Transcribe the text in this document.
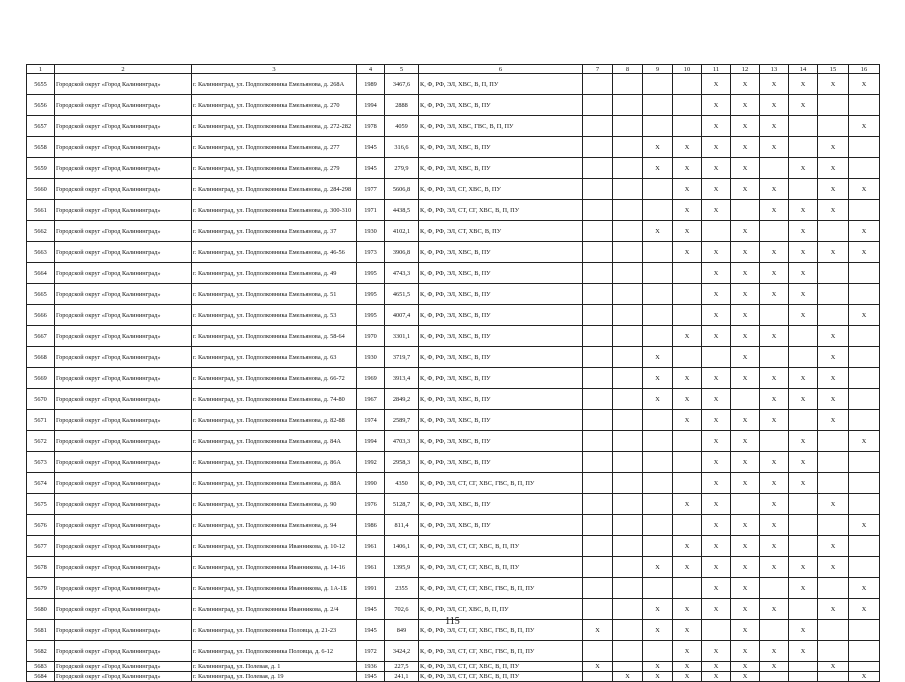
1	2	3	4	5	6	7	8	9	10	11	12	13	14	15	16
5655	Городской округ «Город Калининград»	г. Калининград, ул. Подполковника Емельянова, д. 268А	1989	3467,6	К, Ф, РФ, ЭЛ, ХВС, В, П, ПУ					X	X	X	X	X	X
5656	Городской округ «Город Калининград»	г. Калининград, ул. Подполковника Емельянова, д. 270	1994	2888	К, Ф, РФ, ЭЛ, ХВС, В, ПУ					X	X	X	X		
5657	Городской округ «Город Калининград»	г. Калининград, ул. Подполковника Емельянова, д. 272-282	1978	4059	К, Ф, РФ, ЭЛ, ХВС, ГВС, В, П, ПУ					X	X	X			X
5658	Городской округ «Город Калининград»	г. Калининград, ул. Подполковника Емельянова, д. 277	1945	316,6	К, Ф, РФ, ЭЛ, ХВС, В, ПУ			X	X	X	X	X		X	
5659	Городской округ «Город Калининград»	г. Калининград, ул. Подполковника Емельянова, д. 279	1945	279,9	К, Ф, РФ, ЭЛ, ХВС, В, ПУ			X	X	X	X		X	X	
5660	Городской округ «Город Калининград»	г. Калининград, ул. Подполковника Емельянова, д. 284-298	1977	5606,8	К, Ф, РФ, ЭЛ, СГ, ХВС, В, ПУ				X	X	X	X		X	X
5661	Городской округ «Город Калининград»	г. Калининград, ул. Подполковника Емельянова, д. 300-310	1971	4438,5	К, Ф, РФ, ЭЛ, СТ, СГ, ХВС, В, П, ПУ				X	X		X	X	X	
5662	Городской округ «Город Калининград»	г. Калининград, ул. Подполковника Емельянова, д. 37	1930	4102,1	К, Ф, РФ, ЭЛ, СТ, ХВС, В, ПУ			X	X		X		X		X
5663	Городской округ «Город Калининград»	г. Калининград, ул. Подполковника Емельянова, д. 46-56	1973	3906,8	К, Ф, РФ, ЭЛ, ХВС, В, ПУ				X	X	X	X	X	X	X
5664	Городской округ «Город Калининград»	г. Калининград, ул. Подполковника Емельянова, д. 49	1995	4743,3	К, Ф, РФ, ЭЛ, ХВС, В, ПУ					X	X	X	X		
5665	Городской округ «Город Калининград»	г. Калининград, ул. Подполковника Емельянова, д. 51	1995	4651,5	К, Ф, РФ, ЭЛ, ХВС, В, ПУ					X	X	X	X		
5666	Городской округ «Город Калининград»	г. Калининград, ул. Подполковника Емельянова, д. 53	1995	4007,4	К, Ф, РФ, ЭЛ, ХВС, В, ПУ					X	X		X		X
5667	Городской округ «Город Калининград»	г. Калининград, ул. Подполковника Емельянова, д. 58-64	1970	3301,1	К, Ф, РФ, ЭЛ, ХВС, В, ПУ				X	X	X	X		X	
5668	Городской округ «Город Калининград»	г. Калининград, ул. Подполковника Емельянова, д. 63	1930	3719,7	К, Ф, РФ, ЭЛ, ХВС, В, ПУ			X			X			X	
5669	Городской округ «Город Калининград»	г. Калининград, ул. Подполковника Емельянова, д. 66-72	1969	3913,4	К, Ф, РФ, ЭЛ, ХВС, В, ПУ			X	X	X	X	X	X	X	
5670	Городской округ «Город Калининград»	г. Калининград, ул. Подполковника Емельянова, д. 74-80	1967	2849,2	К, Ф, РФ, ЭЛ, ХВС, В, ПУ			X	X	X		X	X	X	
5671	Городской округ «Город Калининград»	г. Калининград, ул. Подполковника Емельянова, д. 82-88	1974	2589,7	К, Ф, РФ, ЭЛ, ХВС, В, ПУ				X	X	X	X		X	
5672	Городской округ «Город Калининград»	г. Калининград, ул. Подполковника Емельянова, д. 84А	1994	4703,3	К, Ф, РФ, ЭЛ, ХВС, В, ПУ					X	X		X		X
5673	Городской округ «Город Калининград»	г. Калининград, ул. Подполковника Емельянова, д. 86А	1992	2958,3	К, Ф, РФ, ЭЛ, ХВС, В, ПУ					X	X	X	X		
5674	Городской округ «Город Калининград»	г. Калининград, ул. Подполковника Емельянова, д. 88А	1990	4350	К, Ф, РФ, ЭЛ, СТ, СГ, ХВС, ГВС, В, П, ПУ					X	X	X	X		
5675	Городской округ «Город Калининград»	г. Калининград, ул. Подполковника Емельянова, д. 90	1976	5128,7	К, Ф, РФ, ЭЛ, ХВС, В, ПУ				X	X		X		X	
5676	Городской округ «Город Калининград»	г. Калининград, ул. Подполковника Емельянова, д. 94	1986	811,4	К, Ф, РФ, ЭЛ, ХВС, В, ПУ					X	X	X			X
5677	Городской округ «Город Калининград»	г. Калининград, ул. Подполковника Иванникова, д. 10-12	1961	1406,1	К, Ф, РФ, ЭЛ, СТ, СГ, ХВС, В, П, ПУ				X	X	X	X		X	
5678	Городской округ «Город Калининград»	г. Калининград, ул. Подполковника Иванникова, д. 14-16	1961	1395,9	К, Ф, РФ, ЭЛ, СТ, СГ, ХВС, В, П, ПУ			X	X	X	X	X	X	X	
5679	Городской округ «Город Калининград»	г. Калининград, ул. Подполковника Иванникова, д. 1А-1Б	1991	2355	К, Ф, РФ, ЭЛ, СТ, СГ, ХВС, ГВС, В, П, ПУ					X	X		X		X
5680	Городской округ «Город Калининград»	г. Калининград, ул. Подполковника Иванникова, д. 2/4	1945	702,6	К, Ф, РФ, ЭЛ, СГ, ХВС, В, П, ПУ			X	X	X	X	X		X	X
5681	Городской округ «Город Калининград»	г. Калининград, ул. Подполковника Половца, д. 21-23	1945	849	К, Ф, РФ, ЭЛ, СТ, СГ, ХВС, ГВС, В, П, ПУ	X		X	X		X		X		
5682	Городской округ «Город Калининград»	г. Калининград, ул. Подполковника Половца, д. 6-12	1972	3424,2	К, Ф, РФ, ЭЛ, СТ, СГ, ХВС, ГВС, В, П, ПУ				X	X	X	X	X		
5683	Городской округ «Город Калининград»	г. Калининград, ул. Полевая, д. 1	1936	227,5	К, Ф, РФ, ЭЛ, СТ, СГ, ХВС, В, П, ПУ	X		X	X	X	X	X		X	
5684	Городской округ «Город Калининград»	г. Калининград, ул. Полевая, д. 19	1945	241,1	К, Ф, РФ, ЭЛ, СТ, СГ, ХВС, В, П, ПУ		X	X	X	X	X				X
115
